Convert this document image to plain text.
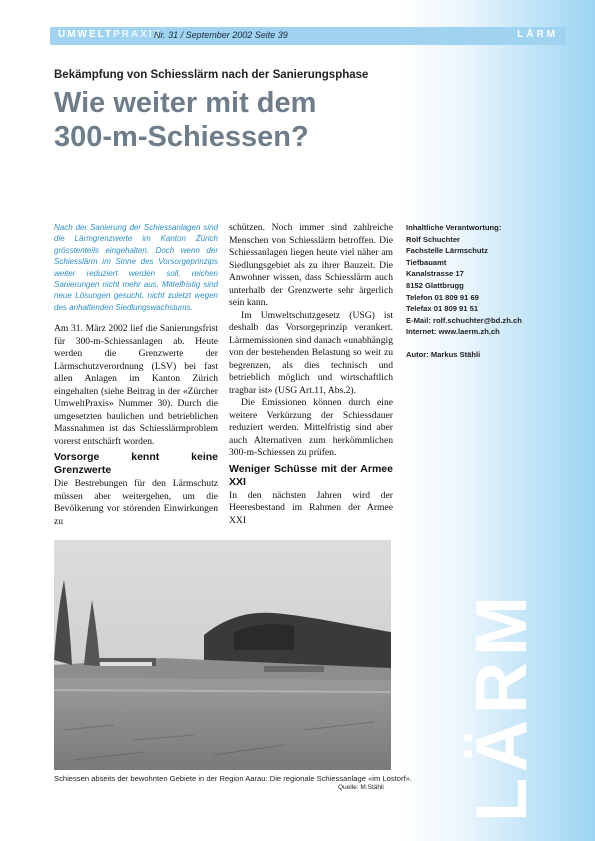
UMWELTPRAXIS
Nr. 31 / September 2002 Seite 39	LÄRM
Bekämpfung von Schiesslärm nach der Sanierungsphase
Wie weiter mit dem
300-m-Schiessen?

Nach der Sanierung der Schiessanlagen sind die Lärmgrenzwerte im Kanton Zürich grösstenteils eingehalten. Doch wenn der Schiesslärm im Sinne des Vorsorgeprinzips weiter reduziert werden soll, reichen Sanierungen nicht mehr aus. Mittelfristig sind neue Lösungen gesucht, nicht zuletzt wegen des anhaltenden Siedlungswachstums.

Am 31. März 2002 lief die Sanierungsfrist für 300-m-Schiessanlagen ab. Heute werden die Grenzwerte der Lärmschutzverordnung (LSV) bei fast allen Anlagen im Kanton Zürich eingehalten (siehe Beitrag in der «Zürcher UmweltPraxis» Nummer 30). Durch die umgesetzten baulichen und betrieblichen Massnahmen ist das Schiesslärmproblem vorerst entschärft worden.

Vorsorge kennt keine Grenzwerte

Die Bestrebungen für den Lärmschutz müssen aber weitergehen, um die Bevölkerung vor störenden Einwirkungen zu

schützen. Noch immer sind zahlreiche Menschen von Schiesslärm betroffen. Die Schiessanlagen liegen heute viel näher am Siedlungsgebiet als zu ihrer Bauzeit. Die Anwohner wissen, dass Schiesslärm auch unterhalb der Grenzwerte sehr ärgerlich sein kann.

Im Umweltschutzgesetz (USG) ist deshalb das Vorsorgeprinzip verankert. Lärmemissionen sind danach «unabhängig von der bestehenden Belastung so weit zu begrenzen, als dies technisch und betrieblich möglich und wirtschaftlich tragbar ist» (USG Art.11, Abs.2).

Die Emissionen können durch eine weitere Verkürzung der Schiessdauer reduziert werden. Mittelfristig sind aber auch Alternativen zum herkömmlichen 300-m-Schiessen zu prüfen.

Weniger Schüsse mit der Armee XXI

In den nächsten Jahren wird der Heeresbestand im Rahmen der Armee XXI

Inhaltliche Verantwortung:
Rolf Schuchter
Fachstelle Lärmschutz
Tiefbauamt
Kanalstrasse 17
8152 Glattbrugg
Telefon 01 809 91 69
Telefax 01 809 91 51
E-Mail: rolf.schuchter@bd.zh.ch
Internet: www.laerm.zh.ch
Autor: Markus Stähli
Schiessen abseits der bewohnten Gebiete in der Region Aarau: Die regionale Schiessanlage «im Lostorf».
Quelle: M.Stähli LÄRM
